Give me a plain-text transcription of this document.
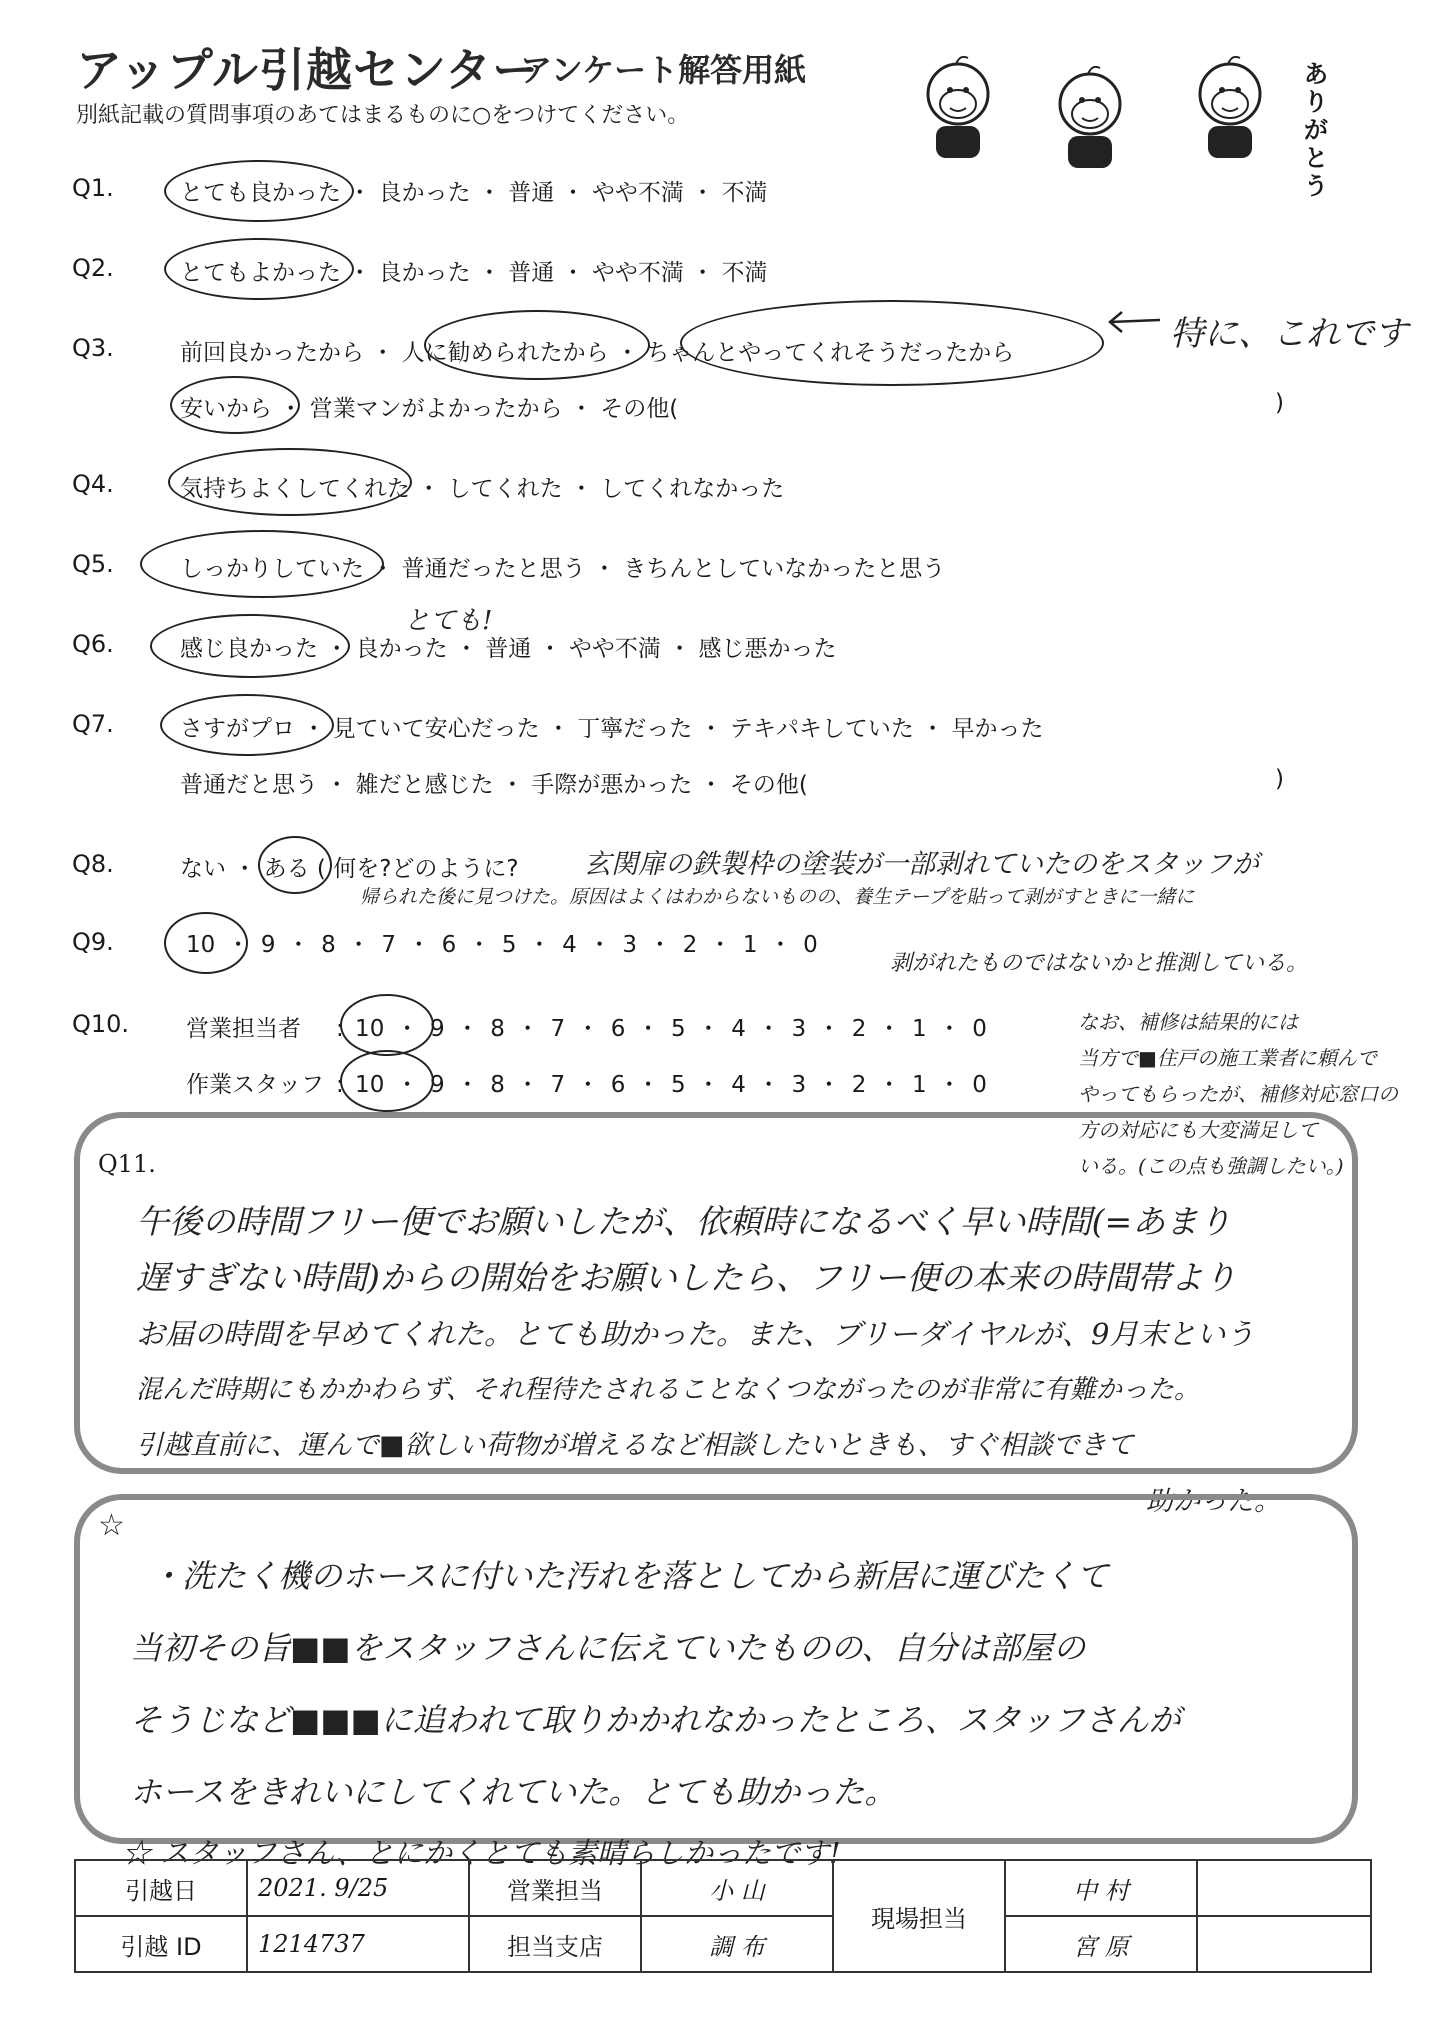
アップル引越センター
アンケート解答用紙
別紙記載の質問事項のあてはまるものに○をつけてください。
ありがとう
Q1.	とても良かった ・ 良かった ・ 普通 ・ やや不満 ・ 不満
Q2.	とてもよかった ・ 良かった ・ 普通 ・ やや不満 ・ 不満
Q3.	前回良かったから ・ 人に勧められたから ・ ちゃんとやってくれそうだったから
安いから ・ 営業マンがよかったから ・ その他(	)
特に、これです
Q4.	気持ちよくしてくれた ・ してくれた ・ してくれなかった
Q5.	しっかりしていた ・ 普通だったと思う ・ きちんとしていなかったと思う
Q6.	感じ良かった ・ 良かった ・ 普通 ・ やや不満 ・ 感じ悪かった
とても!
Q7.	さすがプロ ・ 見ていて安心だった ・ 丁寧だった ・ テキパキしていた ・ 早かった
普通だと思う ・ 雑だと感じた ・ 手際が悪かった ・ その他(	)
Q8.	ない ・ ある ( 何を?どのように? 玄関扉の鉄製枠の塗装が一部剥れていたのをスタッフが
帰られた後に見つけた。原因はよくはわからないものの、養生テープを貼って剥がすときに一緒に
剥がれたものではないかと推測している。
Q9.	10 ・ 9 ・ 8 ・ 7 ・ 6 ・ 5 ・ 4 ・ 3 ・ 2 ・ 1 ・ 0
Q10. 営業担当者 : 10 ・ 9 ・ 8 ・ 7 ・ 6 ・ 5 ・ 4 ・ 3 ・ 2 ・ 1 ・ 0
作業スタッフ : 10 ・ 9 ・ 8 ・ 7 ・ 6 ・ 5 ・ 4 ・ 3 ・ 2 ・ 1 ・ 0
なお、補修は結果的には
当方で■住戸の施工業者に頼んで
やってもらったが、補修対応窓口の
方の対応にも大変満足して
いる。(この点も強調したい。)
Q11.
午後の時間フリー便でお願いしたが、依頼時になるべく早い時間(=あまり
遅すぎない時間)からの開始をお願いしたら、フリー便の本来の時間帯より
お届の時間を早めてくれた。とても助かった。また、ブリーダイヤルが、9月末という
混んだ時期にもかかわらず、それ程待たされることなくつながったのが非常に有難かった。
引越直前に、運んで■欲しい荷物が増えるなど相談したいときも、すぐ相談できて
助かった。
☆
・洗たく機のホースに付いた汚れを落としてから新居に運びたくて
当初その旨■■をスタッフさんに伝えていたものの、自分は部屋の
そうじなど■■■に追われて取りかかれなかったところ、スタッフさんが
ホースをきれいにしてくれていた。とても助かった。
☆ スタッフさん、とにかくとても素晴らしかったです!
引越日	2021. 9/25	営業担当	小 山	現場担当	中 村	
引越 ID	1214737	担当支店	調 布		宮 原	
